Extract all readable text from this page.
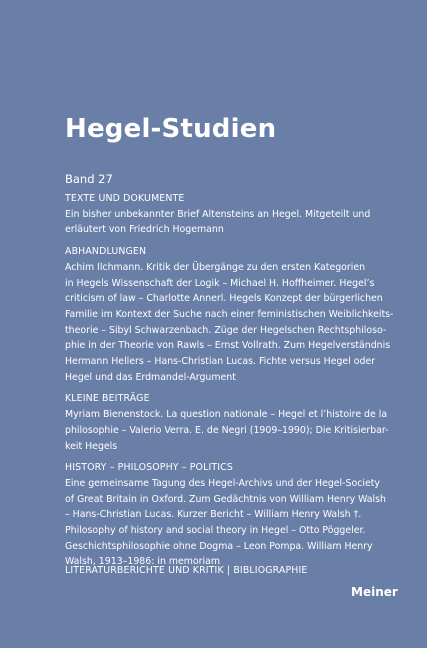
Hegel-Studien
Band 27
TEXTE UND DOKUMENTE
Ein bisher unbekannter Brief Altensteins an Hegel. Mitgeteilt und
erläutert von Friedrich Hogemann
ABHANDLUNGEN
Achim Ilchmann. Kritik der Übergänge zu den ersten Kategorien
in Hegels Wissenschaft der Logik – Michael H. Hoffheimer. Hegel’s
criticism of law – Charlotte Annerl. Hegels Konzept der bürgerlichen
Familie im Kontext der Suche nach einer feministischen Weiblichkeits-
theorie – Sibyl Schwarzenbach. Züge der Hegelschen Rechtsphiloso-
phie in der Theorie von Rawls – Ernst Vollrath. Zum Hegelverständnis
Hermann Hellers – Hans-Christian Lucas. Fichte versus Hegel oder
Hegel und das Erdmandel-Argument
KLEINE BEITRÄGE
Myriam Bienenstock. La question nationale – Hegel et l’histoire de la
philosophie – Valerio Verra. E. de Negri (1909–1990); Die Kritisierbar-
keit Hegels
HISTORY – PHILOSOPHY – POLITICS
Eine gemeinsame Tagung des Hegel-Archivs und der Hegel-Society
of Great Britain in Oxford. Zum Gedächtnis von William Henry Walsh
– Hans-Christian Lucas. Kurzer Bericht – William Henry Walsh †.
Philosophy of history and social theory in Hegel – Otto Pöggeler.
Geschichtsphilosophie ohne Dogma – Leon Pompa. William Henry
Walsh, 1913–1986: in memoriam
LITERATURBERICHTE UND KRITIK | BIBLIOGRAPHIE
Meiner
